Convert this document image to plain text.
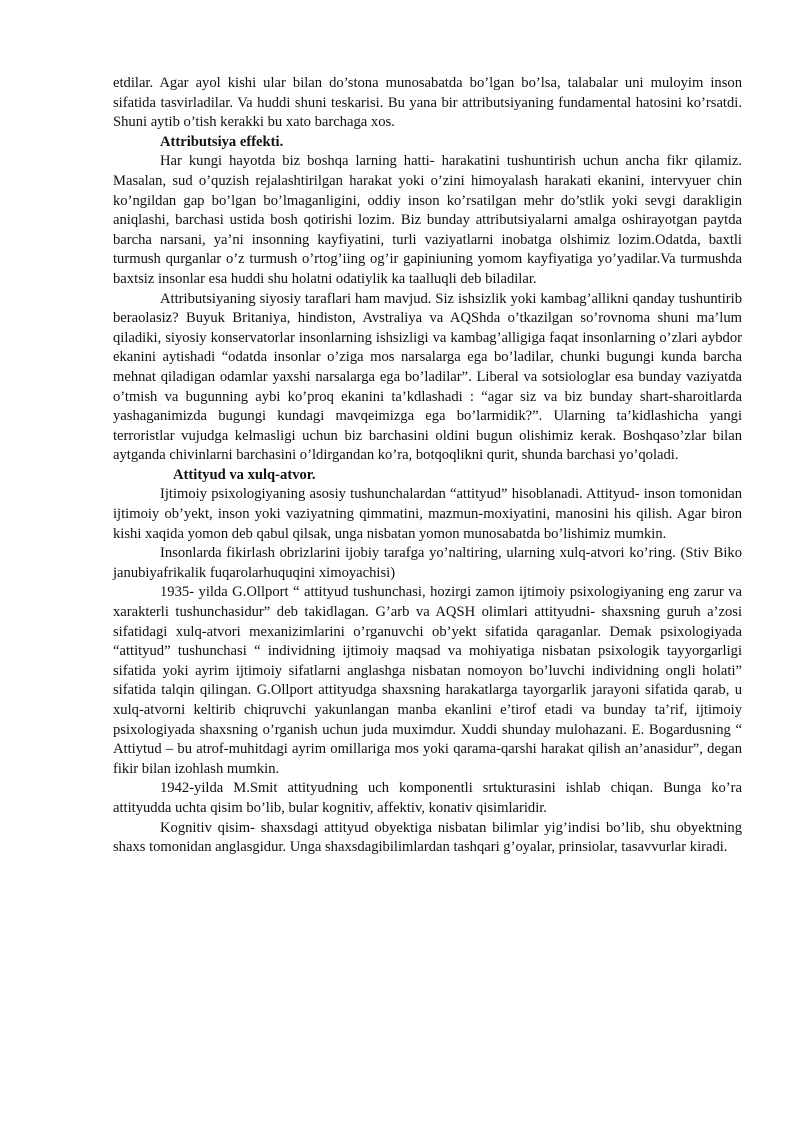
etdilar. Agar ayol kishi ular bilan do’stona munosabatda bo’lgan bo’lsa, talabalar uni muloyim inson sifatida tasvirladilar. Va huddi shuni teskarisi. Bu yana bir attributsiyaning fundamental hatosini ko’rsatdi. Shuni aytib o’tish kerakki bu xato barchaga xos.

Attributsiya effekti.

Har kungi hayotda biz boshqa larning hatti- harakatini tushuntirish uchun ancha fikr qilamiz. Masalan, sud o’quzish rejalashtirilgan harakat yoki o’zini himoyalash harakati ekanini, intervyuer chin ko’ngildan gap bo’lgan bo’lmaganligini, oddiy inson ko’rsatilgan mehr do’stlik yoki sevgi darakligin aniqlashi, barchasi ustida bosh qotirishi lozim. Biz bunday attributsiyalarni amalga oshirayotgan paytda barcha narsani, ya’ni insonning kayfiyatini, turli vaziyatlarni inobatga olshimiz lozim.Odatda, baxtli turmush qurganlar o’z turmush o’rtog’iing og’ir gapiniuning yomom kayfiyatiga yo’yadilar.Va turmushda baxtsiz insonlar esa huddi shu holatni odatiylik ka taalluqli deb biladilar.

Attributsiyaning siyosiy taraflari ham mavjud. Siz ishsizlik yoki kambag’allikni qanday tushuntirib beraolasiz? Buyuk Britaniya, hindiston, Avstraliya va AQShda o’tkazilgan so’rovnoma shuni ma’lum qiladiki, siyosiy konservatorlar insonlarning ishsizligi va kambag’alligiga faqat insonlarning o’zlari aybdor ekanini aytishadi “odatda insonlar o’ziga mos narsalarga ega bo’ladilar, chunki bugungi kunda barcha mehnat qiladigan odamlar yaxshi narsalarga ega bo’ladilar”. Liberal va sotsiologlar esa bunday vaziyatda o’tmish va bugunning aybi ko’proq ekanini ta’kdlashadi : “agar siz va biz bunday shart-sharoitlarda yashaganimizda bugungi kundagi mavqeimizga ega bo’larmidik?”. Ularning ta’kidlashicha yangi terroristlar vujudga kelmasligi uchun biz barchasini oldini bugun olishimiz kerak. Boshqaso’zlar bilan aytganda chivinlarni barchasini o’ldirgandan ko’ra, botqoqlikni qurit, shunda barchasi yo’qoladi.

Attityud va xulq-atvor.

Ijtimoiy psixologiyaning asosiy tushunchalardan “attityud” hisoblanadi. Attityud- inson tomonidan ijtimoiy ob’yekt, inson yoki vaziyatning qimmatini, mazmun-moxiyatini, manosini his qilish. Agar biron kishi xaqida yomon deb qabul qilsak, unga nisbatan yomon munosabatda bo’lishimiz mumkin.

Insonlarda fikirlash obrizlarini ijobiy tarafga yo’naltiring, ularning xulq-atvori ko’ring. (Stiv Biko janubiyafrikalik fuqarolarhuquqini ximoyachisi)

1935- yilda G.Ollport “ attityud tushunchasi, hozirgi zamon ijtimoiy psixologiyaning eng zarur va xarakterli tushunchasidur” deb takidlagan. G’arb va AQSH olimlari attityudni- shaxsning guruh a’zosi sifatidagi xulq-atvori mexanizimlarini o’rganuvchi ob’yekt sifatida qaraganlar. Demak psixologiyada “attityud” tushunchasi “ individning ijtimoiy maqsad va mohiyatiga nisbatan psixologik tayyorgarligi sifatida yoki ayrim ijtimoiy sifatlarni anglashga nisbatan nomoyon bo’luvchi individning ongli holati” sifatida talqin qilingan. G.Ollport attityudga shaxsning harakatlarga tayorgarlik jarayoni sifatida qarab, u xulq-atvorni keltirib chiqruvchi yakunlangan manba ekanlini e’tirof etadi va bunday ta’rif, ijtimoiy psixologiyada shaxsning o’rganish uchun juda muximdur. Xuddi shunday mulohazani. E. Bogardusning “ Attiytud – bu atrof-muhitdagi ayrim omillariga mos yoki qarama-qarshi harakat qilish an’anasidur”, degan fikir bilan izohlash mumkin.

1942-yilda M.Smit attityudning uch komponentli srtukturasini ishlab chiqan. Bunga ko’ra attityudda uchta qisim bo’lib, bular kognitiv, affektiv, konativ qisimlaridir.

Kognitiv qisim- shaxsdagi attityud obyektiga nisbatan bilimlar yig’indisi bo’lib, shu obyektning shaxs tomonidan anglasgidur. Unga shaxsdagibilimlardan tashqari g’oyalar, prinsiolar, tasavvurlar kiradi.
